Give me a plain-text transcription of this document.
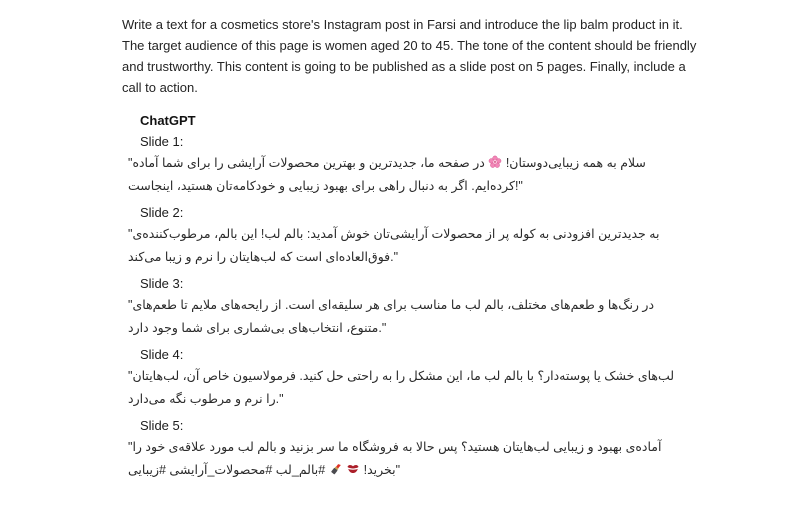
Write a text for a cosmetics store's Instagram post in Farsi and introduce the lip balm product in it. The target audience of this page is women aged 20 to 45. The tone of the content should be friendly and trustworthy. This content is going to be published as a slide post on 5 pages. Finally, include a call to action.

ChatGPT
Slide 1:

"سلام به همه زیبایی‌دوستان!
در صفحه ما، جدیدترین و بهترین محصولات آرایشی را برای شما آماده کرده‌ایم. اگر به دنبال راهی برای بهبود زیبایی و خودکامه‌تان هستید، اینجاست!"

Slide 2:

"به جدیدترین افزودنی به کوله پر از محصولات آرایشی‌تان خوش آمدید: بالم لب! این بالم، مرطوب‌کننده‌ی فوق‌العاده‌ای است که لب‌هایتان را نرم و زیبا می‌کند."

Slide 3:

"در رنگ‌ها و طعم‌های مختلف، بالم لب ما مناسب برای هر سلیقه‌ای است. از رایحه‌های ملایم تا طعم‌های متنوع، انتخاب‌های بی‌شماری برای شما وجود دارد."

Slide 4:

"لب‌های خشک یا پوسته‌دار؟ با بالم لب ما، این مشکل را به راحتی حل کنید. فرمولاسیون خاص آن، لب‌هایتان را نرم و مرطوب نگه می‌دارد."

Slide 5:

"آماده‌ی بهبود و زیبایی لب‌هایتان هستید؟ پس حالا به فروشگاه ما سر بزنید و بالم لب مورد علاقه‌ی خود را بخرید!

#بالم_لب #محصولات_آرایشی #زیبایی"
